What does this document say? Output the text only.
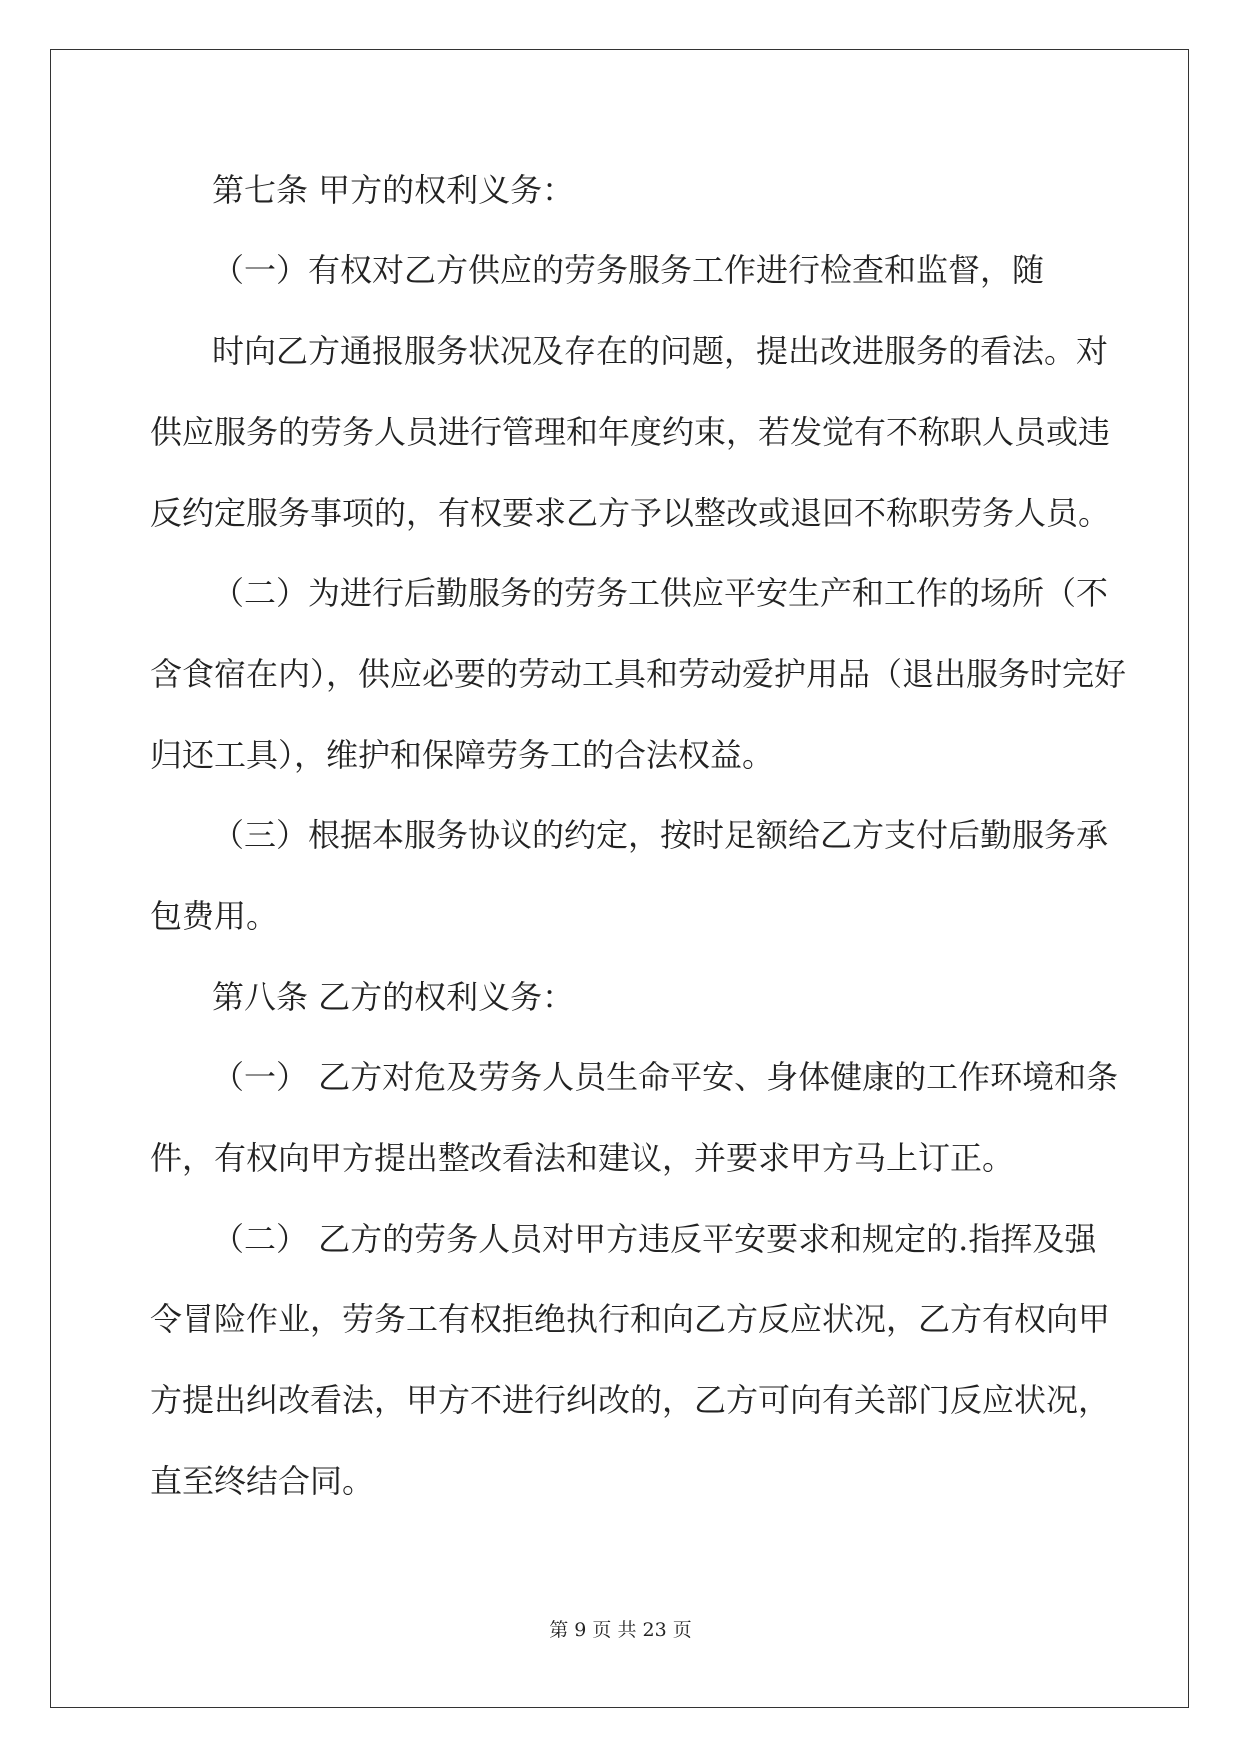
第七条 甲方的权利义务：
（一）有权对乙方供应的劳务服务工作进行检查和监督，随
时向乙方通报服务状况及存在的问题，提出改进服务的看法。对
供应服务的劳务人员进行管理和年度约束，若发觉有不称职人员或违
反约定服务事项的，有权要求乙方予以整改或退回不称职劳务人员。
（二）为进行后勤服务的劳务工供应平安生产和工作的场所（不
含食宿在内），供应必要的劳动工具和劳动爱护用品（退出服务时完好
归还工具），维护和保障劳务工的合法权益。
（三）根据本服务协议的约定，按时足额给乙方支付后勤服务承
包费用。
第八条 乙方的权利义务：
（一） 乙方对危及劳务人员生命平安、身体健康的工作环境和条
件，有权向甲方提出整改看法和建议，并要求甲方马上订正。
（二） 乙方的劳务人员对甲方违反平安要求和规定的.指挥及强
令冒险作业，劳务工有权拒绝执行和向乙方反应状况，乙方有权向甲
方提出纠改看法，甲方不进行纠改的，乙方可向有关部门反应状况，
直至终结合同。
第 9 页 共 23 页
